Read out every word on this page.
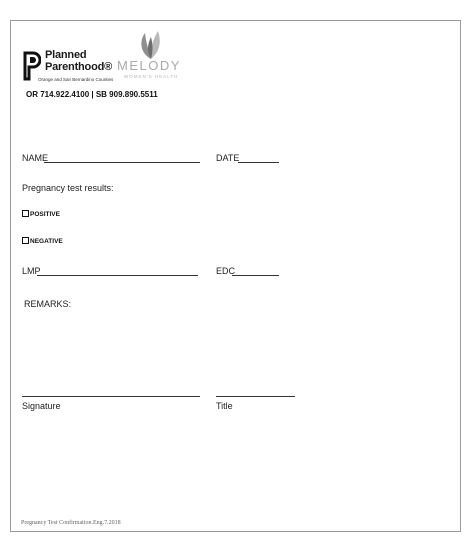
Planned
Parenthood®
Orange and San Bernardino Counties
MELODY
WOMEN'S HEALTH
OR 714.922.4100 | SB 909.890.5511
NAME	DATE
Pregnancy test results:
POSITIVE
NEGATIVE
LMP	EDC
REMARKS:
Signature	Title
Pregnancy Test Confirmation.Eng.7.2018
